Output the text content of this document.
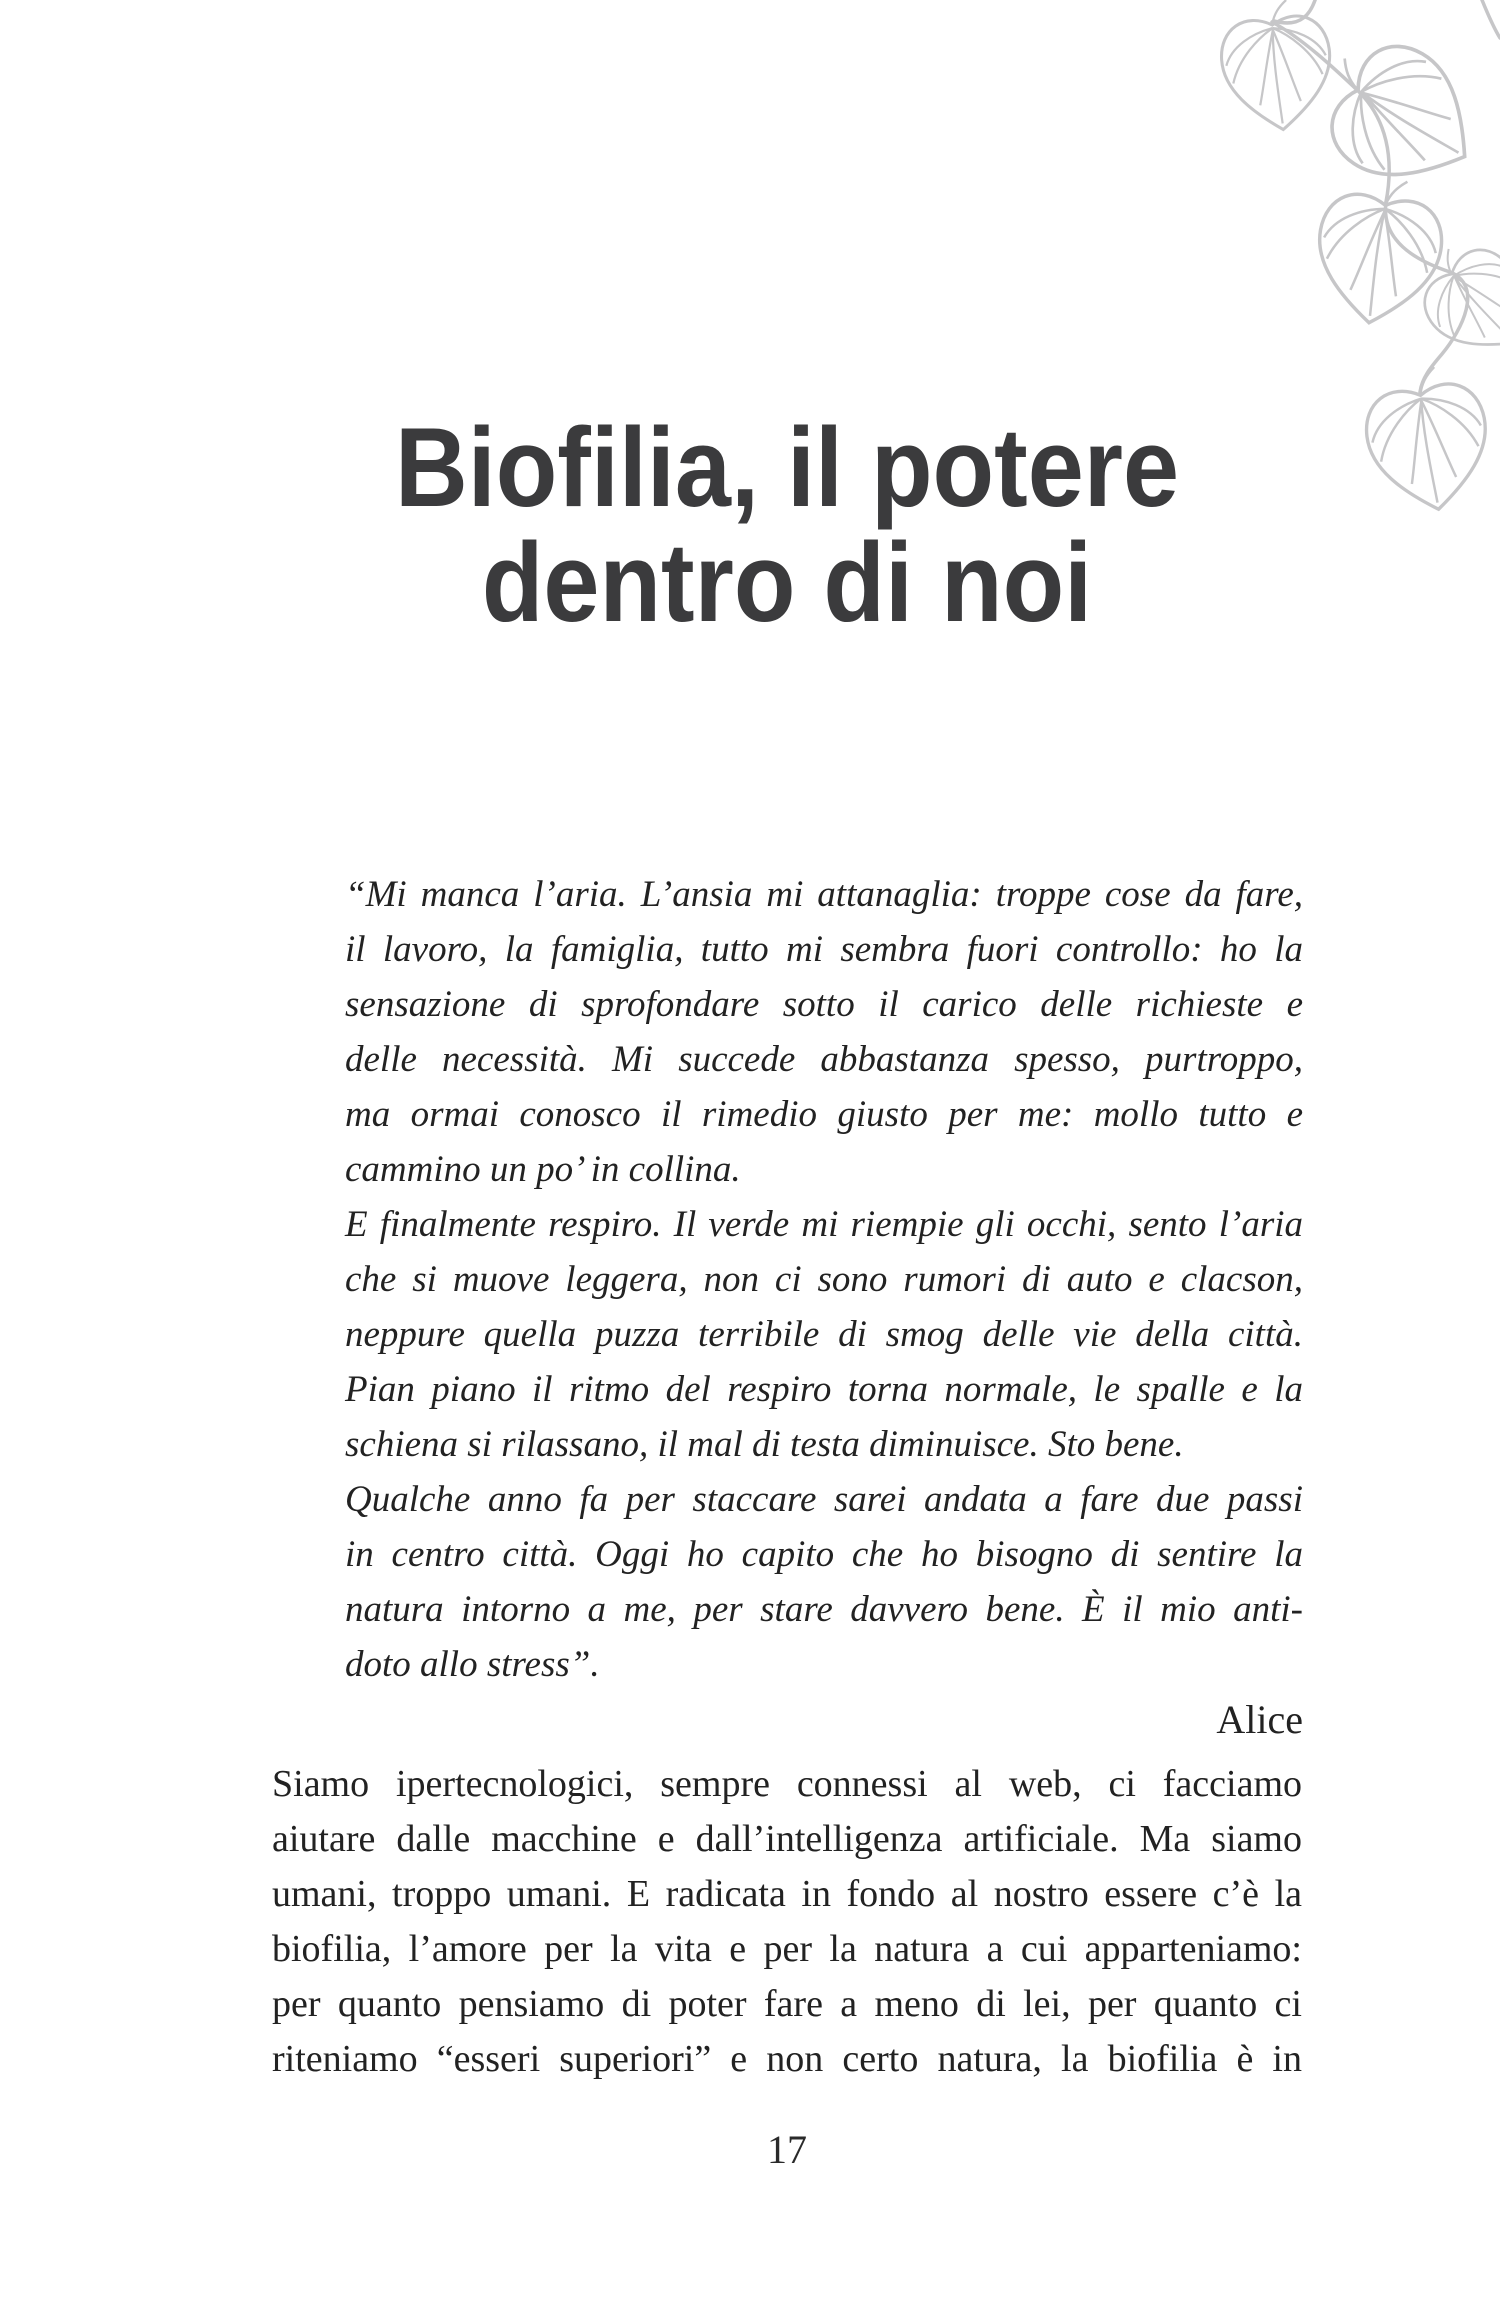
Biofilia, il potere
dentro di noi
“Mi manca l’aria. L’ansia mi attanaglia: troppe cose da fare,
il lavoro, la famiglia, tutto mi sembra fuori controllo: ho la
sensazione di sprofondare sotto il carico delle richieste e
delle necessità. Mi succede abbastanza spesso, purtroppo,
ma ormai conosco il rimedio giusto per me: mollo tutto e
cammino un po’ in collina.
E finalmente respiro. Il verde mi riempie gli occhi, sento l’aria
che si muove leggera, non ci sono rumori di auto e clacson,
neppure quella puzza terribile di smog delle vie della città.
Pian piano il ritmo del respiro torna normale, le spalle e la
schiena si rilassano, il mal di testa diminuisce. Sto bene.
Qualche anno fa per staccare sarei andata a fare due passi
in centro città. Oggi ho capito che ho bisogno di sentire la
natura intorno a me, per stare davvero bene. È il mio anti-
doto allo stress”.
Alice
Siamo ipertecnologici, sempre connessi al web, ci facciamo
aiutare dalle macchine e dall’intelligenza artificiale. Ma siamo
umani, troppo umani. E radicata in fondo al nostro essere c’è la
biofilia, l’amore per la vita e per la natura a cui apparteniamo:
per quanto pensiamo di poter fare a meno di lei, per quanto ci
riteniamo “esseri superiori” e non certo natura, la biofilia è in
17
